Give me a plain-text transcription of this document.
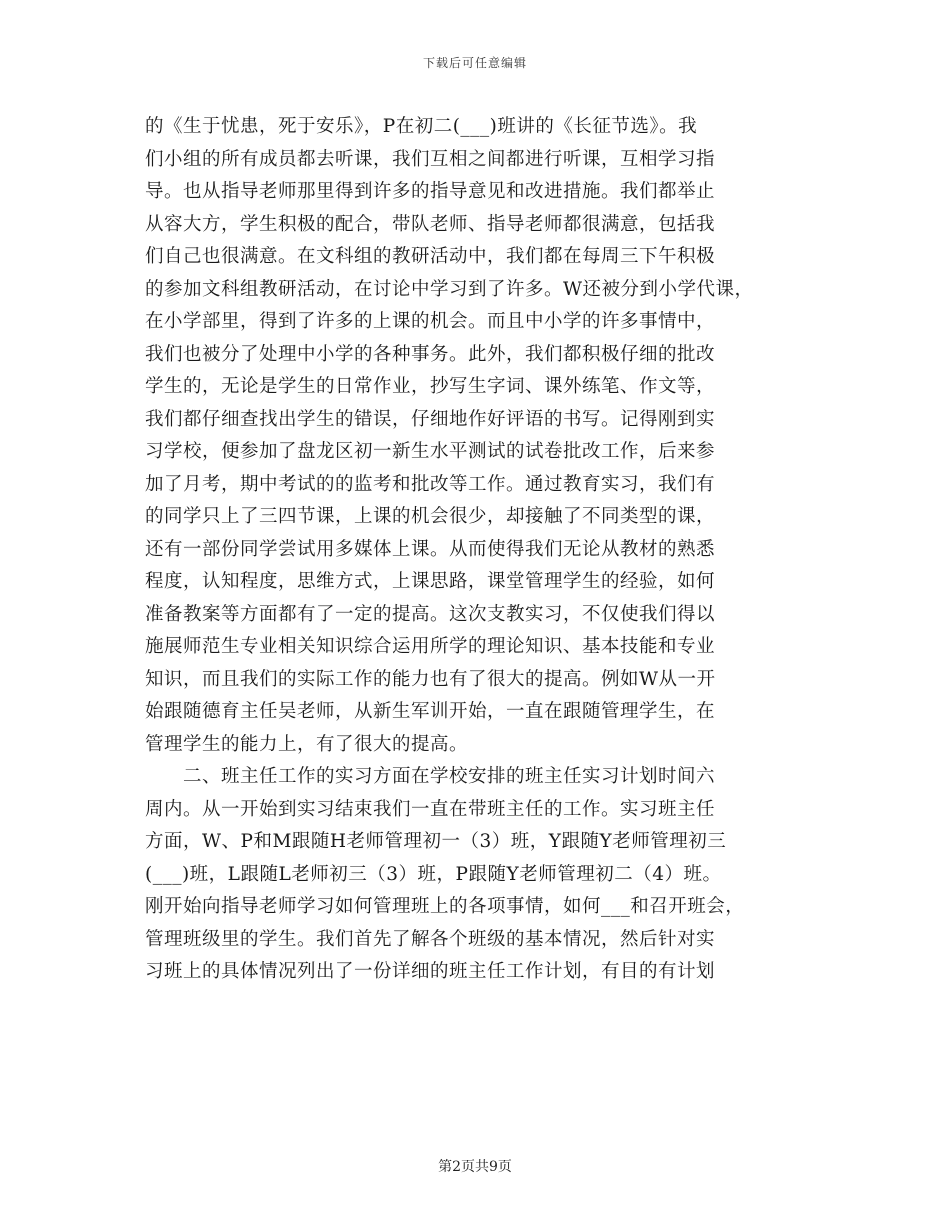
下载后可任意编辑
的《生于忧患，死于安乐》，P在初二(___)班讲的《长征节选》。我
们小组的所有成员都去听课，我们互相之间都进行听课，互相学习指
导。也从指导老师那里得到许多的指导意见和改进措施。我们都举止
从容大方，学生积极的配合，带队老师、指导老师都很满意，包括我
们自己也很满意。在文科组的教研活动中，我们都在每周三下午积极
的参加文科组教研活动，在讨论中学习到了许多。W还被分到小学代课，
在小学部里，得到了许多的上课的机会。而且中小学的许多事情中，
我们也被分了处理中小学的各种事务。此外，我们都积极仔细的批改
学生的，无论是学生的日常作业，抄写生字词、课外练笔、作文等，
我们都仔细查找出学生的错误，仔细地作好评语的书写。记得刚到实
习学校，便参加了盘龙区初一新生水平测试的试卷批改工作，后来参
加了月考，期中考试的的监考和批改等工作。通过教育实习，我们有
的同学只上了三四节课，上课的机会很少，却接触了不同类型的课，
还有一部份同学尝试用多媒体上课。从而使得我们无论从教材的熟悉
程度，认知程度，思维方式，上课思路，课堂管理学生的经验，如何
准备教案等方面都有了一定的提高。这次支教实习，不仅使我们得以
施展师范生专业相关知识综合运用所学的理论知识、基本技能和专业
知识，而且我们的实际工作的能力也有了很大的提高。例如W从一开
始跟随德育主任吴老师，从新生军训开始，一直在跟随管理学生，在
管理学生的能力上，有了很大的提高。
　　二、班主任工作的实习方面在学校安排的班主任实习计划时间六
周内。从一开始到实习结束我们一直在带班主任的工作。实习班主任
方面，W、P和M跟随H老师管理初一（3）班，Y跟随Y老师管理初三
(___)班，L跟随L老师初三（3）班，P跟随Y老师管理初二（4）班。
刚开始向指导老师学习如何管理班上的各项事情，如何___和召开班会，
管理班级里的学生。我们首先了解各个班级的基本情况，然后针对实
习班上的具体情况列出了一份详细的班主任工作计划，有目的有计划
第2页共9页
